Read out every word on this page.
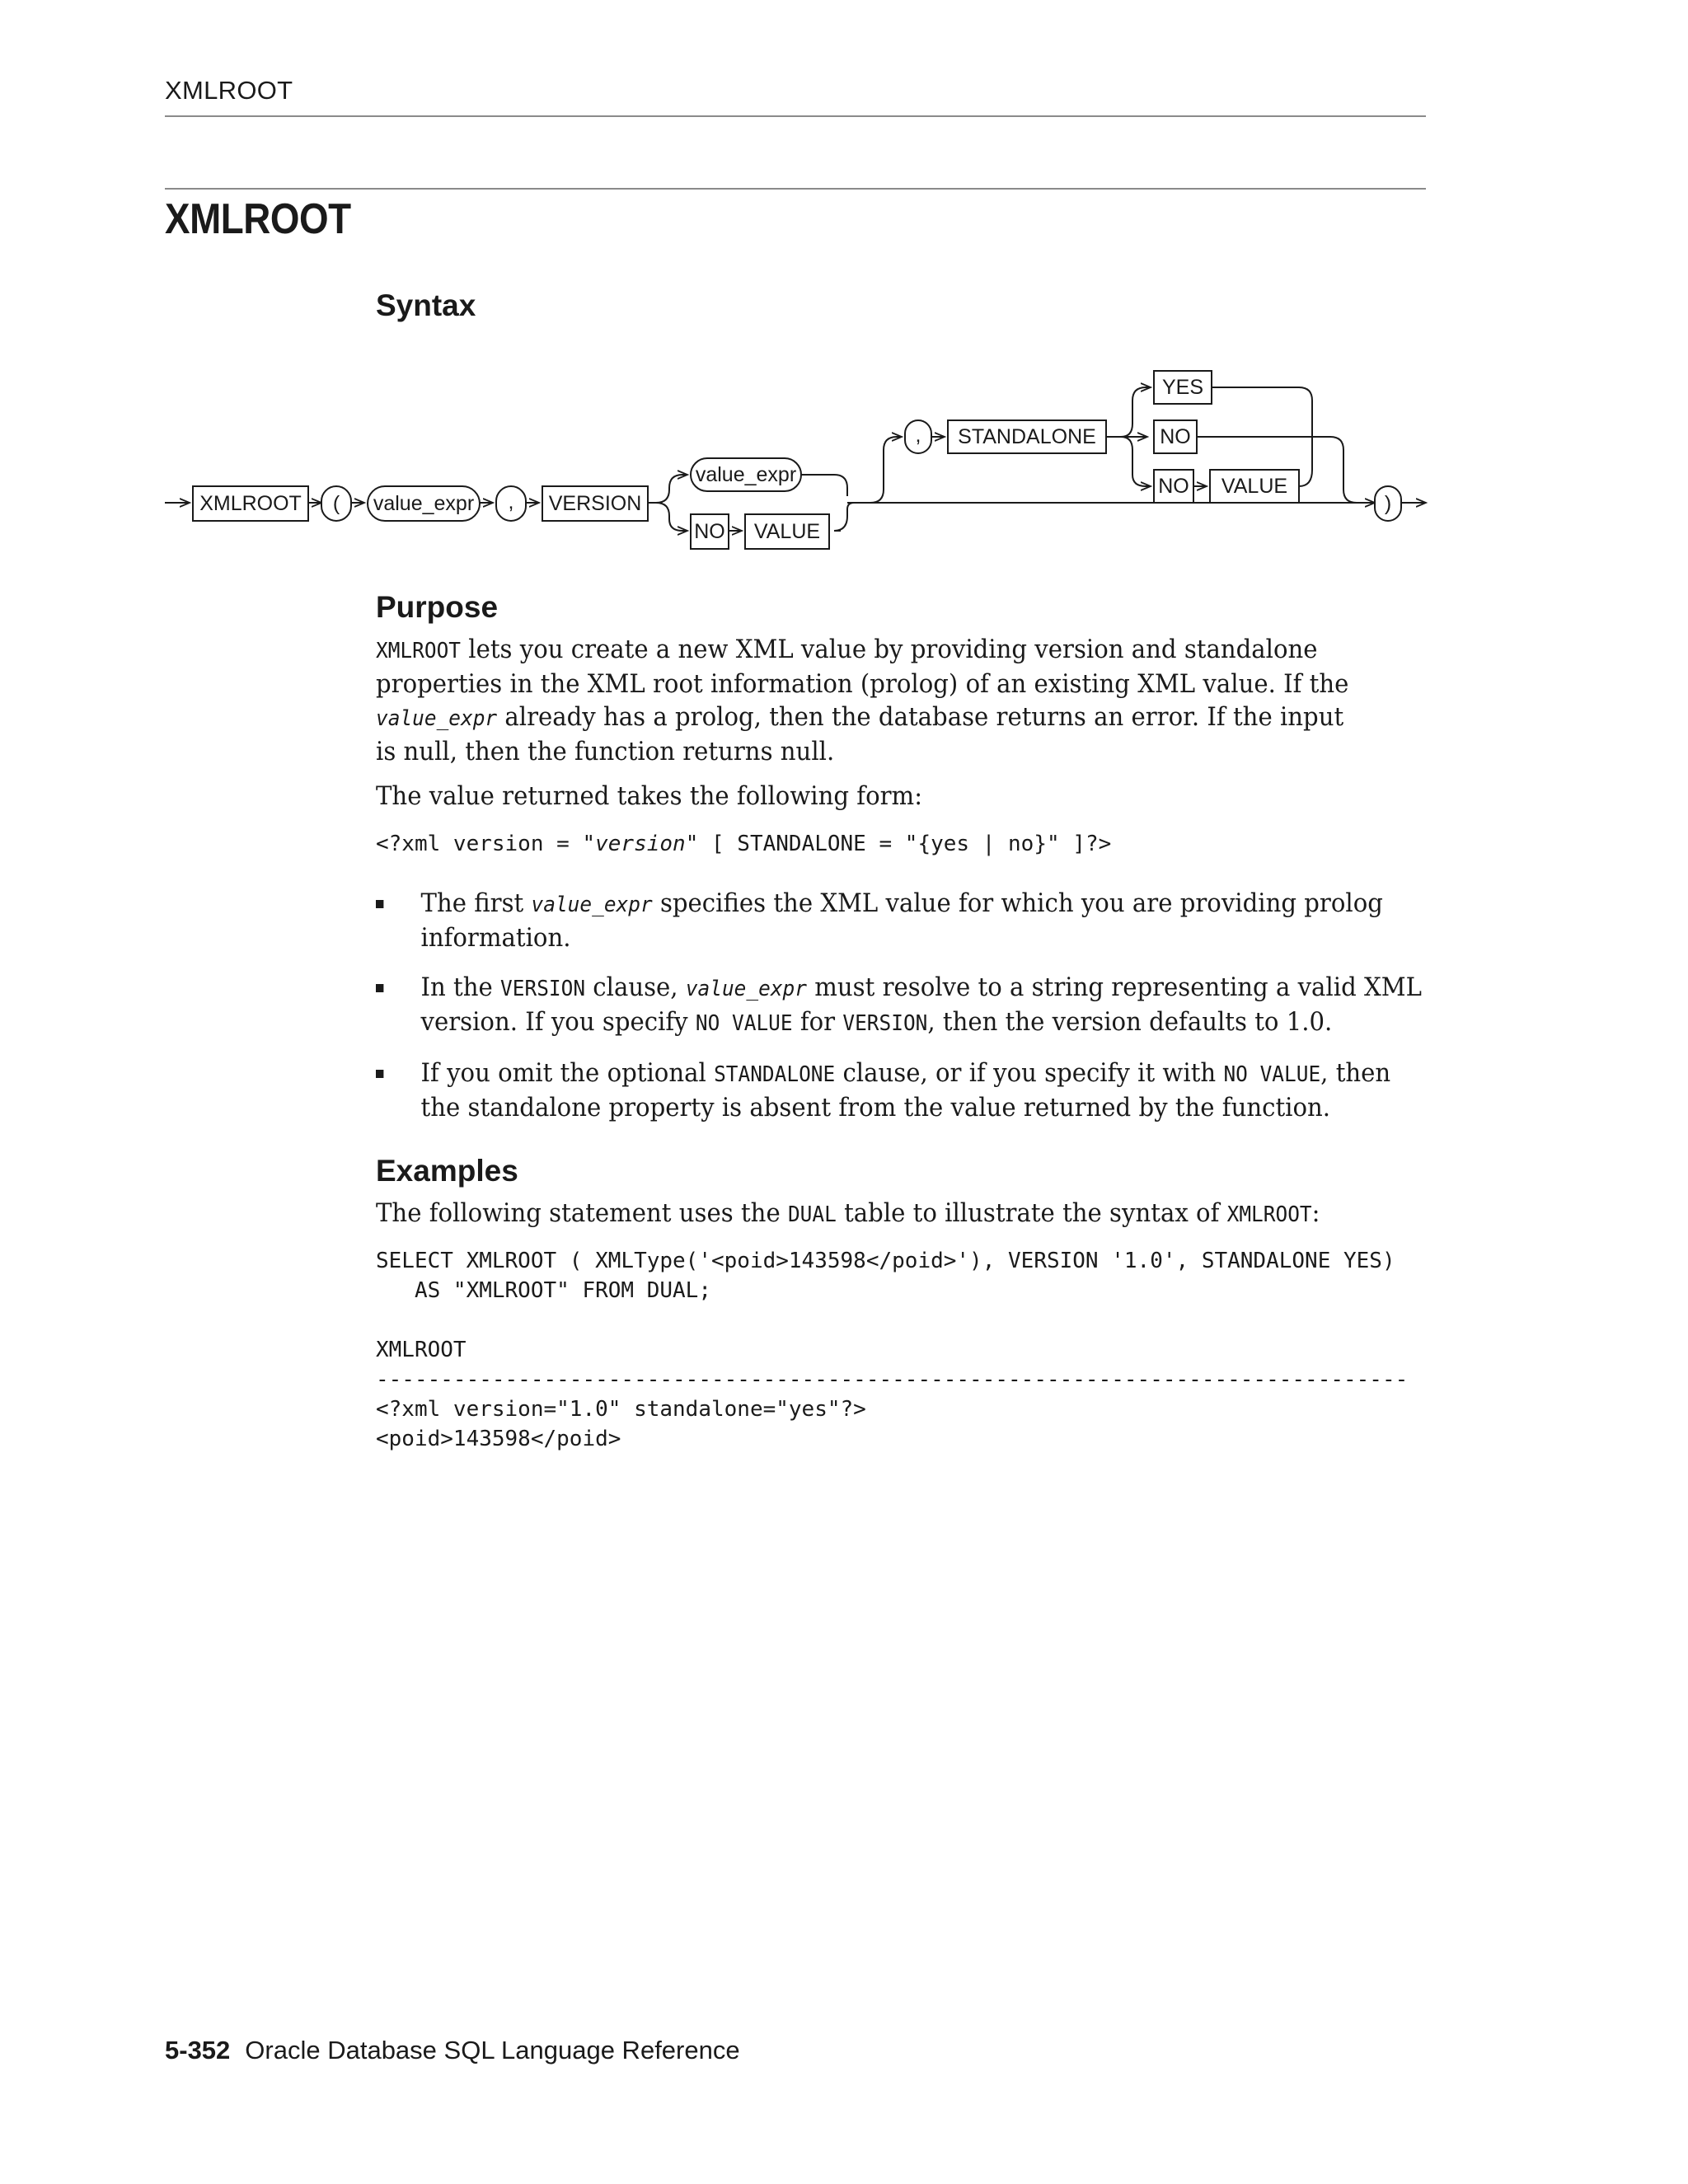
XMLROOT
XMLROOT
Syntax
XMLROOT ( value_expr , VERSION
value_expr
NO VALUE
, STANDALONE
YES
NO
NO VALUE
)
Purpose
XMLROOT lets you create a new XML value by providing version and standalone properties in the XML root information (prolog) of an existing XML value. If the value_expr already has a prolog, then the database returns an error. If the input is null, then the function returns null.
The value returned takes the following form:
<?xml version = "version" [ STANDALONE = "{yes | no}" ]?>
The first value_expr specifies the XML value for which you are providing prolog information.
In the VERSION clause, value_expr must resolve to a string representing a valid XML version. If you specify NO VALUE for VERSION, then the version defaults to 1.0.
If you omit the optional STANDALONE clause, or if you specify it with NO VALUE, then the standalone property is absent from the value returned by the function.
Examples
The following statement uses the DUAL table to illustrate the syntax of XMLROOT:
SELECT XMLROOT ( XMLType('<poid>143598</poid>'), VERSION '1.0', STANDALONE YES)
AS "XMLROOT" FROM DUAL;
XMLROOT
--------------------------------------------------------------------------------
<?xml version="1.0" standalone="yes"?>
<poid>143598</poid>
5-352 Oracle Database SQL Language Reference
